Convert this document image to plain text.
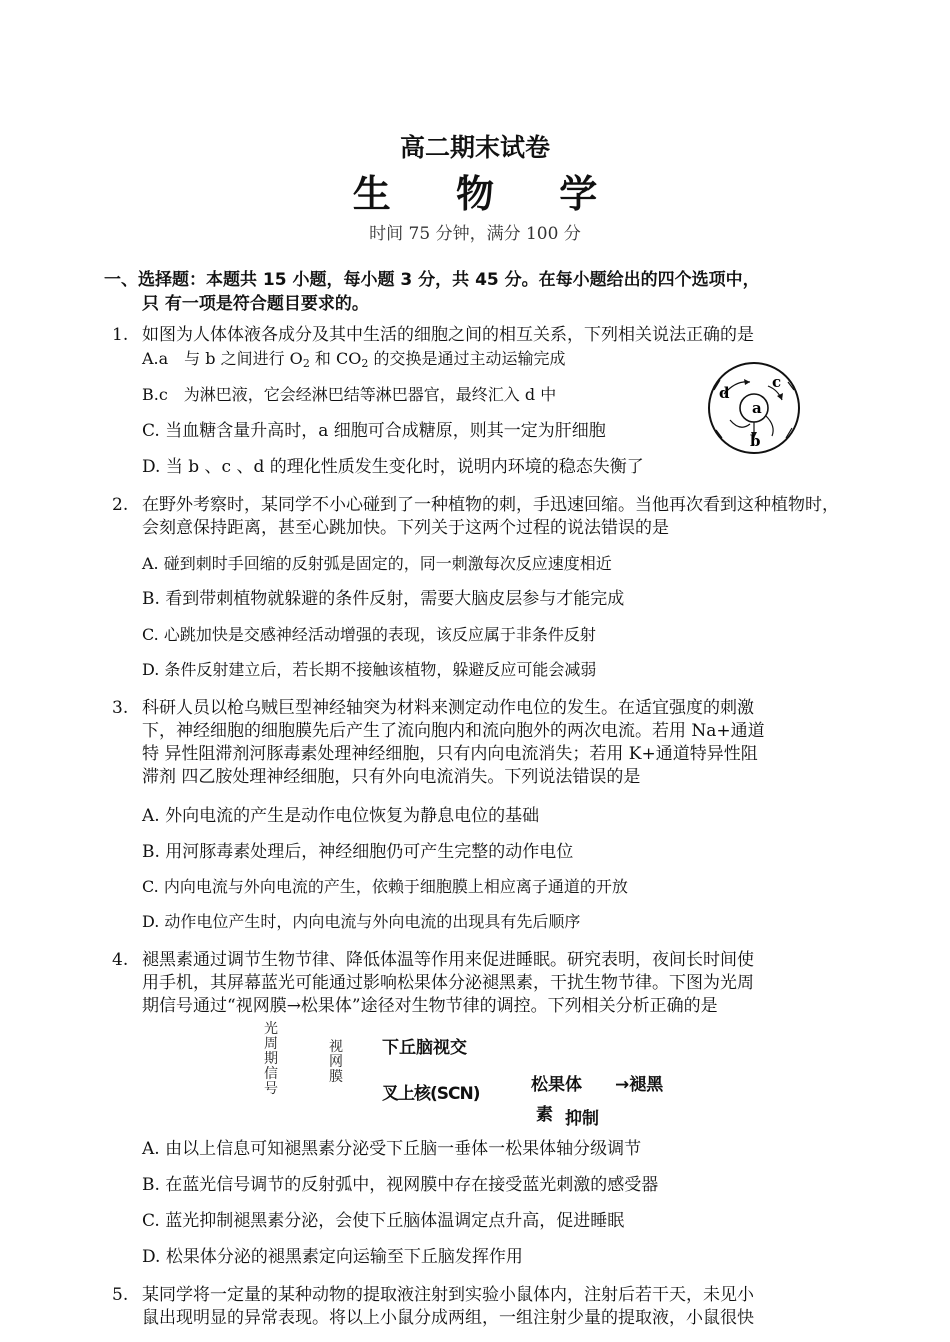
高二期末试卷
生 物 学
时间 75 分钟，满分 100 分
一、选择题：本题共 15 小题，每小题 3 分，共 45 分。在每小题给出的四个选项中，
只 有一项是符合题目要求的。
1. 如图为人体体液各成分及其中生活的细胞之间的相互关系，下列相关说法正确的是
A.a　与 b 之间进行 $O_2$ 和 $CO_2$ 的交换是通过主动运输完成
B.c　为淋巴液，它会经淋巴结等淋巴器官，最终汇入 d 中
C. 当血糖含量升高时，a 细胞可合成糖原，则其一定为肝细胞
D. 当 b 、c 、d 的理化性质发生变化时，说明内环境的稳态失衡了
a
b
c
d
2. 在野外考察时，某同学不小心碰到了一种植物的刺，手迅速回缩。当他再次看到这种植物时，会刻意保持距离，甚至心跳加快。下列关于这两个过程的说法错误的是
A. 碰到刺时手回缩的反射弧是固定的，同一刺激每次反应速度相近
B. 看到带刺植物就躲避的条件反射，需要大脑皮层参与才能完成
C. 心跳加快是交感神经活动增强的表现，该反应属于非条件反射
D. 条件反射建立后，若长期不接触该植物，躲避反应可能会减弱
3. 科研人员以枪乌贼巨型神经轴突为材料来测定动作电位的发生。在适宜强度的刺激
下，神经细胞的细胞膜先后产生了流向胞内和流向胞外的两次电流。若用 Na+通道
特 异性阻滞剂河豚毒素处理神经细胞，只有内向电流消失；若用 K+通道特异性阻
滞剂 四乙胺处理神经细胞，只有外向电流消失。下列说法错误的是
A. 外向电流的产生是动作电位恢复为静息电位的基础
B. 用河豚毒素处理后，神经细胞仍可产生完整的动作电位
C. 内向电流与外向电流的产生，依赖于细胞膜上相应离子通道的开放
D. 动作电位产生时，内向电流与外向电流的出现具有先后顺序
4. 褪黑素通过调节生物节律、降低体温等作用来促进睡眠。研究表明，夜间长时间使
用手机，其屏幕蓝光可能通过影响松果体分泌褪黑素，干扰生物节律。下图为光周
期信号通过“视网膜→松果体”途径对生物节律的调控。下列相关分析正确的是
光周期信号
视网膜
下丘脑视交
叉上核(SCN)	松果体 →褪黑
素 抑制
A. 由以上信息可知褪黑素分泌受下丘脑一垂体一松果体轴分级调节
B. 在蓝光信号调节的反射弧中，视网膜中存在接受蓝光刺激的感受器
C. 蓝光抑制褪黑素分泌，会使下丘脑体温调定点升高，促进睡眠
D. 松果体分泌的褪黑素定向运输至下丘脑发挥作用
5. 某同学将一定量的某种动物的提取液注射到实验小鼠体内，注射后若干天，未见小
鼠出现明显的异常表现。将以上小鼠分成两组，一组注射少量的提取液，小鼠很快
